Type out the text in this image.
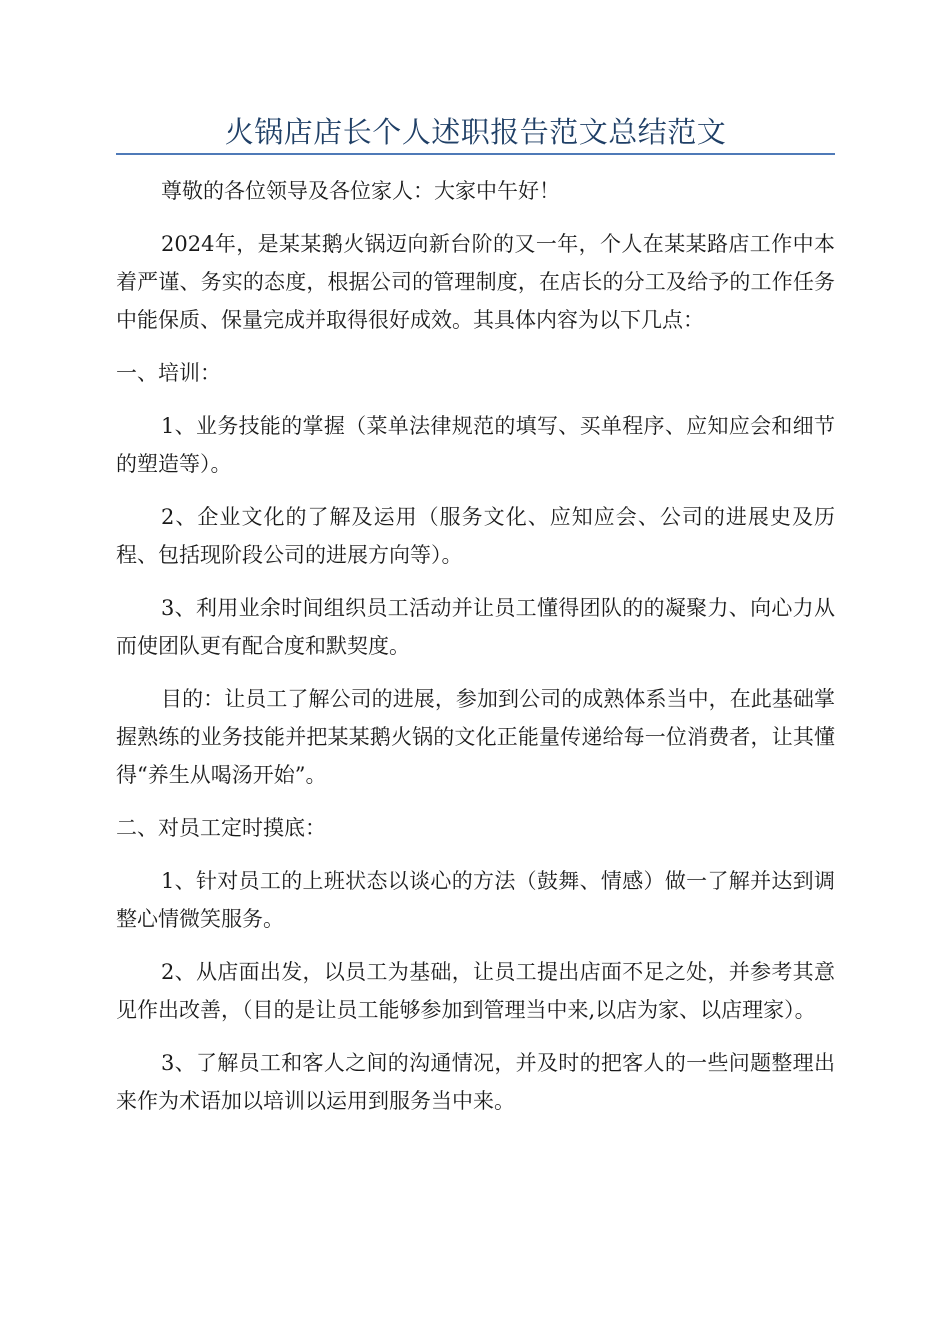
火锅店店长个人述职报告范文总结范文

尊敬的各位领导及各位家人：大家中午好！

2024年，是某某鹅火锅迈向新台阶的又一年，个人在某某路店工作中本着严谨、务实的态度，根据公司的管理制度，在店长的分工及给予的工作任务中能保质、保量完成并取得很好成效。其具体内容为以下几点：

一、培训：

1、业务技能的掌握（菜单法律规范的填写、买单程序、应知应会和细节的塑造等）。

2、企业文化的了解及运用（服务文化、应知应会、公司的进展史及历程、包括现阶段公司的进展方向等）。

3、利用业余时间组织员工活动并让员工懂得团队的的凝聚力、向心力从而使团队更有配合度和默契度。

目的：让员工了解公司的进展，参加到公司的成熟体系当中，在此基础掌握熟练的业务技能并把某某鹅火锅的文化正能量传递给每一位消费者，让其懂得“养生从喝汤开始”。

二、对员工定时摸底：

1、针对员工的上班状态以谈心的方法（鼓舞、情感）做一了解并达到调整心情微笑服务。

2、从店面出发，以员工为基础，让员工提出店面不足之处，并参考其意见作出改善，（目的是让员工能够参加到管理当中来,以店为家、以店理家）。

3、了解员工和客人之间的沟通情况，并及时的把客人的一些问题整理出来作为术语加以培训以运用到服务当中来。
